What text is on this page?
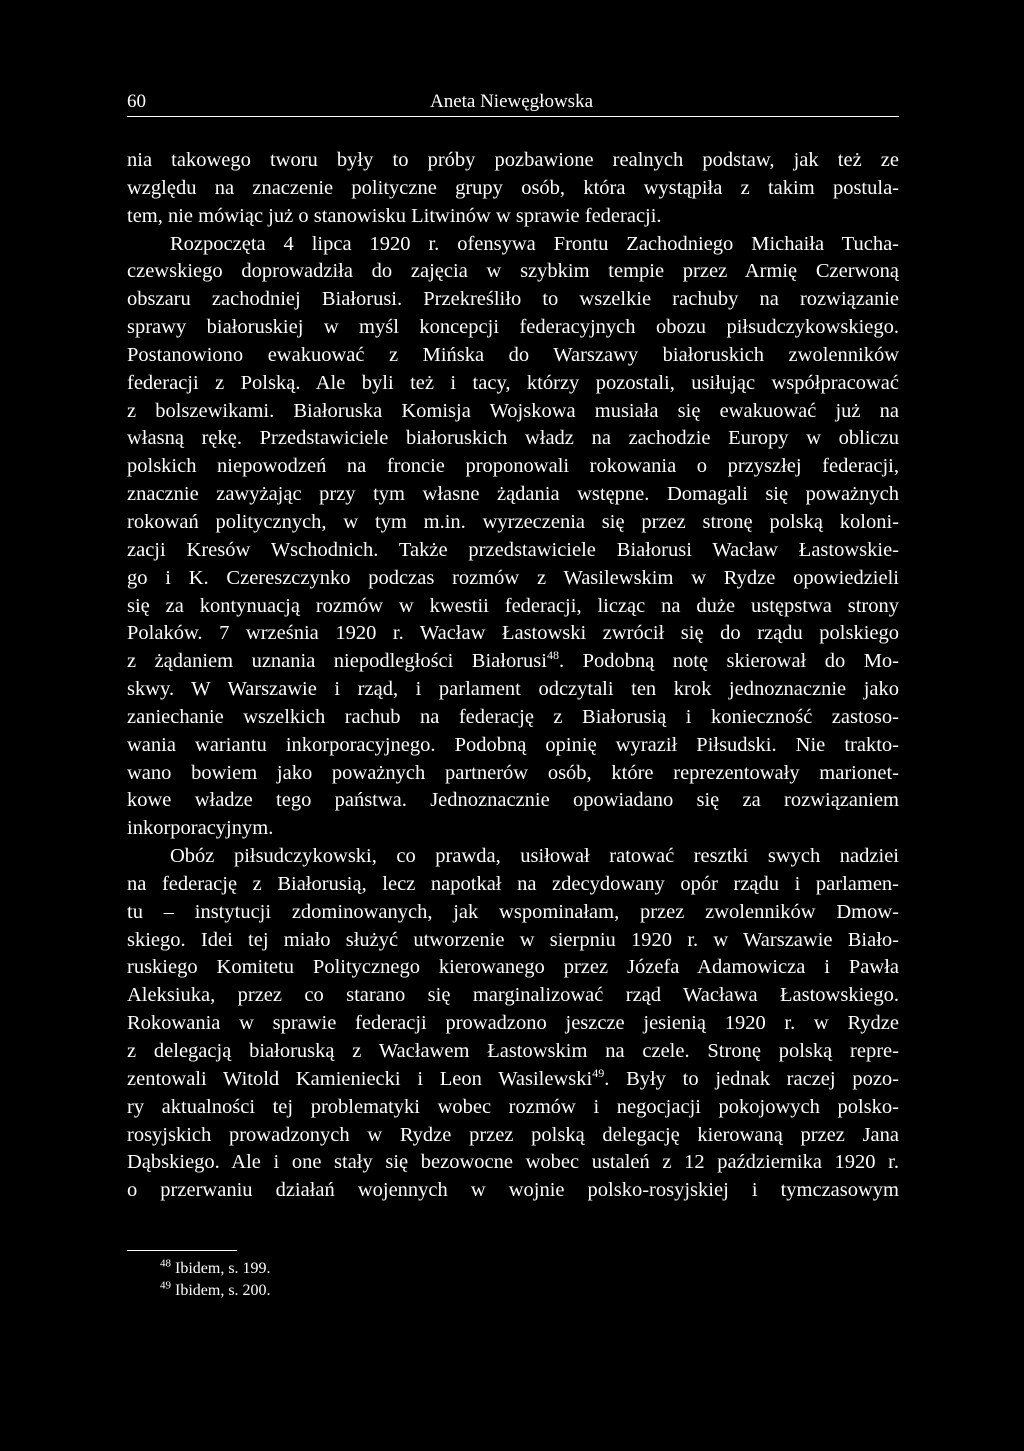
60	Aneta Niewęgłowska
nia takowego tworu były to próby pozbawione realnych podstaw, jak też ze
względu na znaczenie polityczne grupy osób, która wystąpiła z takim postula-
tem, nie mówiąc już o stanowisku Litwinów w sprawie federacji.
Rozpoczęta 4 lipca 1920 r. ofensywa Frontu Zachodniego Michaiła Tucha-
czewskiego doprowadziła do zajęcia w szybkim tempie przez Armię Czerwoną
obszaru zachodniej Białorusi. Przekreśliło to wszelkie rachuby na rozwiązanie
sprawy białoruskiej w myśl koncepcji federacyjnych obozu piłsudczykowskiego.
Postanowiono ewakuować z Mińska do Warszawy białoruskich zwolenników
federacji z Polską. Ale byli też i tacy, którzy pozostali, usiłując współpracować
z bolszewikami. Białoruska Komisja Wojskowa musiała się ewakuować już na
własną rękę. Przedstawiciele białoruskich władz na zachodzie Europy w obliczu
polskich niepowodzeń na froncie proponowali rokowania o przyszłej federacji,
znacznie zawyżając przy tym własne żądania wstępne. Domagali się poważnych
rokowań politycznych, w tym m.in. wyrzeczenia się przez stronę polską koloni-
zacji Kresów Wschodnich. Także przedstawiciele Białorusi Wacław Łastowskie-
go i K. Czereszczynko podczas rozmów z Wasilewskim w Rydze opowiedzieli
się za kontynuacją rozmów w kwestii federacji, licząc na duże ustępstwa strony
Polaków. 7 września 1920 r. Wacław Łastowski zwrócił się do rządu polskiego
z żądaniem uznania niepodległości Białorusi$^{48}$. Podobną notę skierował do Mo-
skwy. W Warszawie i rząd, i parlament odczytali ten krok jednoznacznie jako
zaniechanie wszelkich rachub na federację z Białorusią i konieczność zastoso-
wania wariantu inkorporacyjnego. Podobną opinię wyraził Piłsudski. Nie trakto-
wano bowiem jako poważnych partnerów osób, które reprezentowały marionet-
kowe władze tego państwa. Jednoznacznie opowiadano się za rozwiązaniem
inkorporacyjnym.
Obóz piłsudczykowski, co prawda, usiłował ratować resztki swych nadziei
na federację z Białorusią, lecz napotkał na zdecydowany opór rządu i parlamen-
tu – instytucji zdominowanych, jak wspominałam, przez zwolenników Dmow-
skiego. Idei tej miało służyć utworzenie w sierpniu 1920 r. w Warszawie Biało-
ruskiego Komitetu Politycznego kierowanego przez Józefa Adamowicza i Pawła
Aleksiuka, przez co starano się marginalizować rząd Wacława Łastowskiego.
Rokowania w sprawie federacji prowadzono jeszcze jesienią 1920 r. w Rydze
z delegacją białoruską z Wacławem Łastowskim na czele. Stronę polską repre-
zentowali Witold Kamieniecki i Leon Wasilewski$^{49}$. Były to jednak raczej pozo-
ry aktualności tej problematyki wobec rozmów i negocjacji pokojowych polsko-
rosyjskich prowadzonych w Rydze przez polską delegację kierowaną przez Jana
Dąbskiego. Ale i one stały się bezowocne wobec ustaleń z 12 października 1920 r.
o przerwaniu działań wojennych w wojnie polsko-rosyjskiej i tymczasowym
$^{48}$ Ibidem, s. 199.
$^{49}$ Ibidem, s. 200.
